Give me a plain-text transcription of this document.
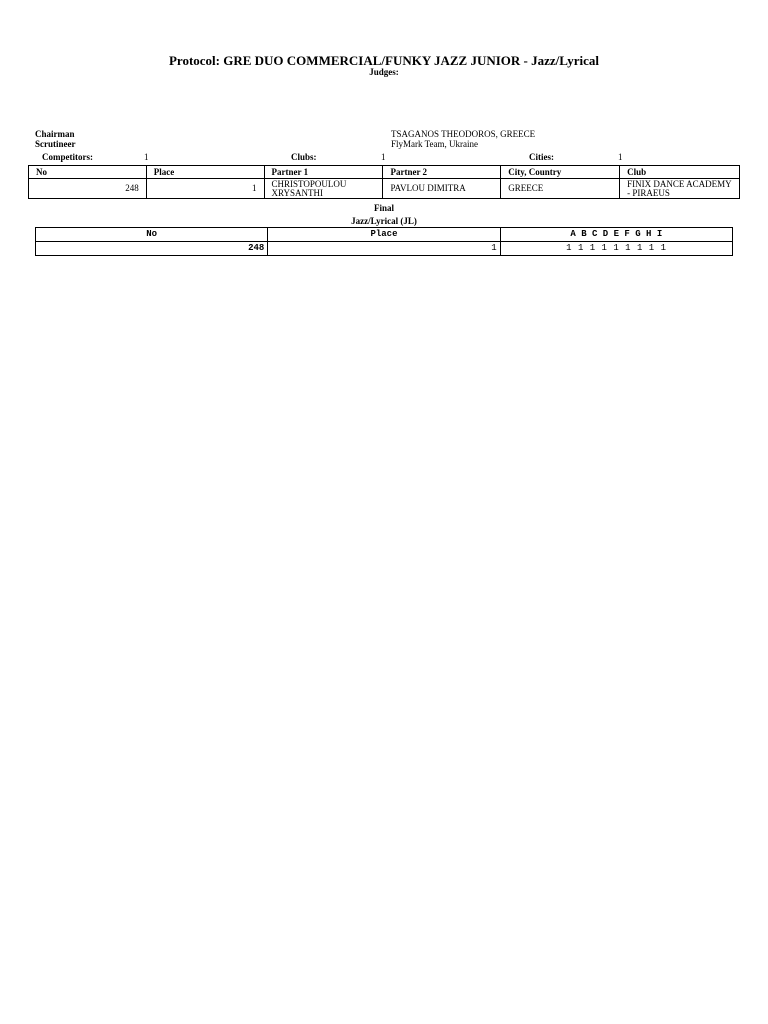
Protocol: GRE DUO COMMERCIAL/FUNKY JAZZ JUNIOR - Jazz/Lyrical
Judges:
Chairman	TSAGANOS THEODOROS, GREECE
Scrutineer	FlyMark Team, Ukraine
Competitors:	1	Clubs:	1	Cities:	1
No	Place	Partner 1	Partner 2	City, Country	Club
248	1	CHRISTOPOULOU XRYSANTHI	PAVLOU DIMITRA	GREECE	FINIX DANCE ACADEMY - PIRAEUS
Final
Jazz/Lyrical (JL)
No	Place	A B C D E F G H I
248	1	1 1 1 1 1 1 1 1 1
